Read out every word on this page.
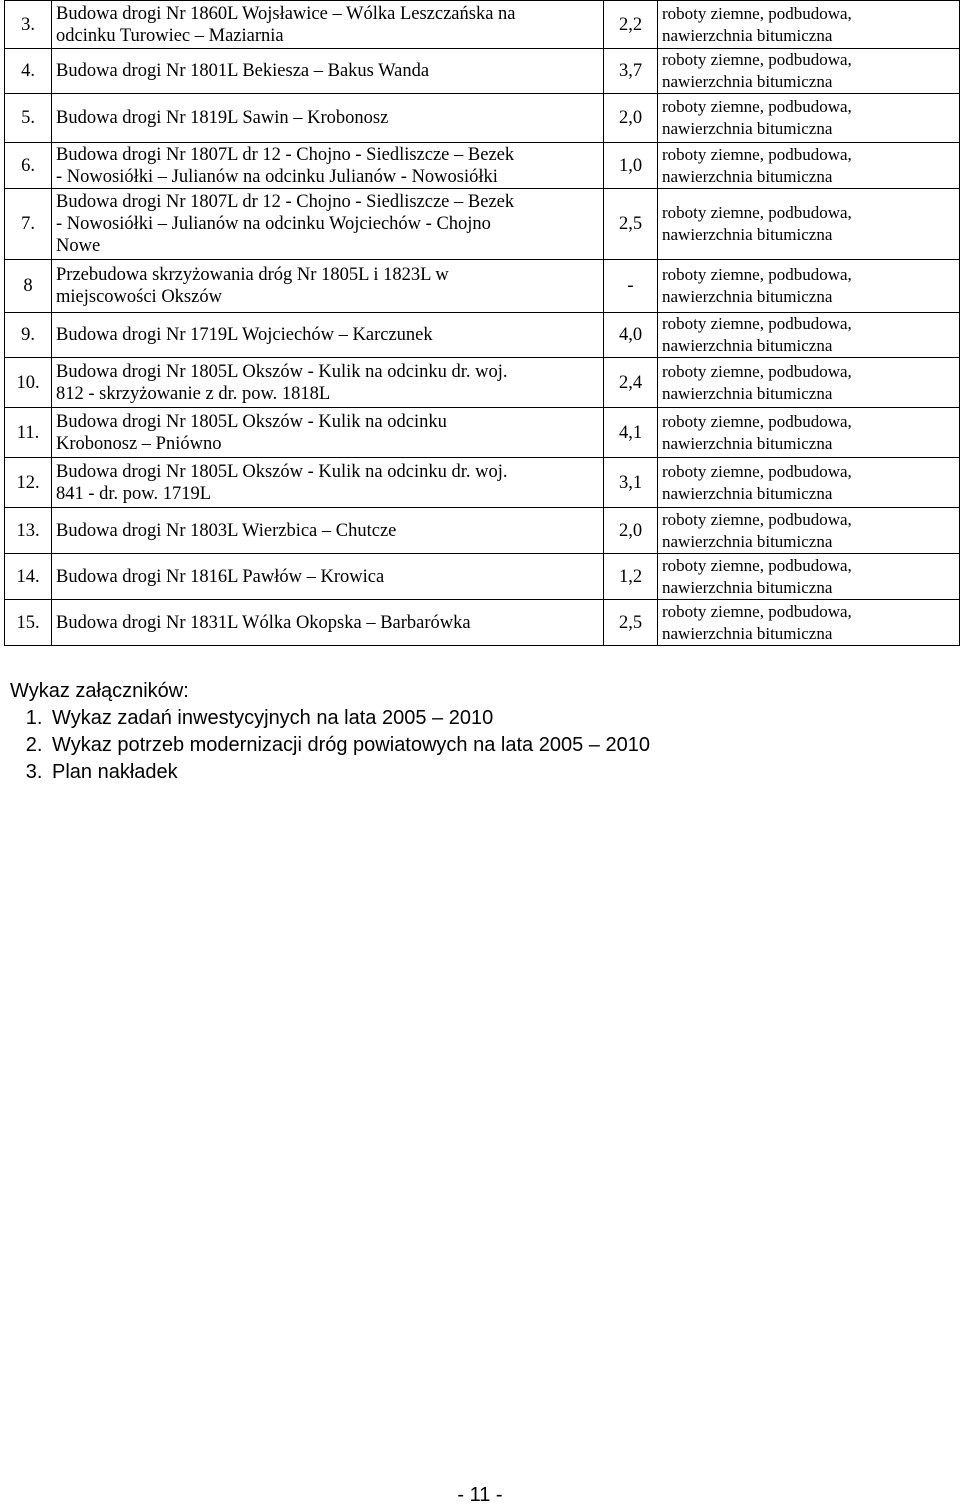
3.	Budowa drogi Nr 1860L Wojsławice – Wólka Leszczańska na
odcinku Turowiec – Maziarnia	2,2	roboty ziemne, podbudowa,
nawierzchnia bitumiczna

4.	Budowa drogi Nr 1801L Bekiesza – Bakus Wanda	3,7	roboty ziemne, podbudowa,
nawierzchnia bitumiczna

5.	Budowa drogi Nr 1819L Sawin – Krobonosz	2,0	roboty ziemne, podbudowa,
nawierzchnia bitumiczna

6.	Budowa drogi Nr 1807L dr 12 - Chojno - Siedliszcze – Bezek
- Nowosiółki – Julianów na odcinku Julianów - Nowosiółki	1,0	roboty ziemne, podbudowa,
nawierzchnia bitumiczna

7.	Budowa drogi Nr 1807L dr 12 - Chojno - Siedliszcze – Bezek
- Nowosiółki – Julianów na odcinku Wojciechów - Chojno
Nowe	2,5	roboty ziemne, podbudowa,
nawierzchnia bitumiczna

8	Przebudowa skrzyżowania dróg Nr 1805L i 1823L w
miejscowości Okszów	-	roboty ziemne, podbudowa,
nawierzchnia bitumiczna

9.	Budowa drogi Nr 1719L Wojciechów – Karczunek	4,0	roboty ziemne, podbudowa,
nawierzchnia bitumiczna

10.	Budowa drogi Nr 1805L Okszów - Kulik na odcinku dr. woj.
812 - skrzyżowanie z dr. pow. 1818L	2,4	roboty ziemne, podbudowa,
nawierzchnia bitumiczna

11.	Budowa drogi Nr 1805L Okszów - Kulik na odcinku
Krobonosz – Pniówno	4,1	roboty ziemne, podbudowa,
nawierzchnia bitumiczna

12.	Budowa drogi Nr 1805L Okszów - Kulik na odcinku dr. woj.
841 - dr. pow. 1719L	3,1	roboty ziemne, podbudowa,
nawierzchnia bitumiczna

13.	Budowa drogi Nr 1803L Wierzbica – Chutcze	2,0	roboty ziemne, podbudowa,
nawierzchnia bitumiczna

14.	Budowa drogi Nr 1816L Pawłów – Krowica	1,2	roboty ziemne, podbudowa,
nawierzchnia bitumiczna

15.	Budowa drogi Nr 1831L Wólka Okopska – Barbarówka	2,5	roboty ziemne, podbudowa,
nawierzchnia bitumiczna
Wykaz załączników:
1. Wykaz zadań inwestycyjnych na lata 2005 – 2010
2. Wykaz potrzeb modernizacji dróg powiatowych na lata 2005 – 2010
3. Plan nakładek
- 11 -
